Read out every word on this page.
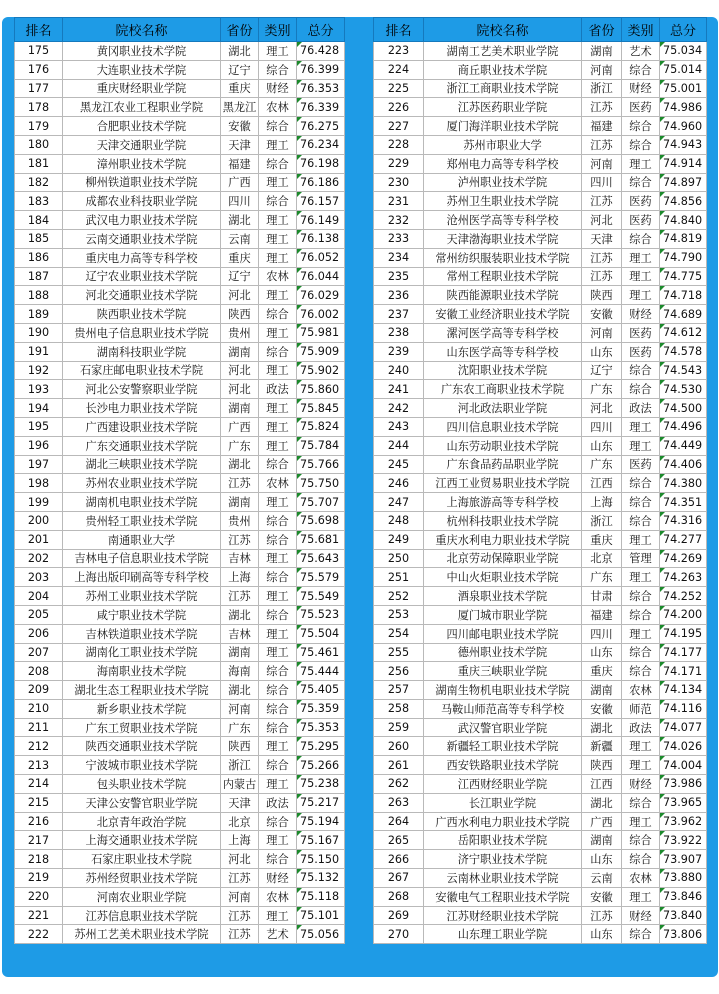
排名	院校名称	省份	类别	总分
175	黄冈职业技术学院	湖北	理工	76.428
176	大连职业技术学院	辽宁	综合	76.399
177	重庆财经职业学院	重庆	财经	76.353
178	黑龙江农业工程职业学院	黑龙江	农林	76.339
179	合肥职业技术学院	安徽	综合	76.275
180	天津交通职业学院	天津	理工	76.234
181	漳州职业技术学院	福建	综合	76.198
182	柳州铁道职业技术学院	广西	理工	76.186
183	成都农业科技职业学院	四川	综合	76.157
184	武汉电力职业技术学院	湖北	理工	76.149
185	云南交通职业技术学院	云南	理工	76.138
186	重庆电力高等专科学校	重庆	理工	76.052
187	辽宁农业职业技术学院	辽宁	农林	76.044
188	河北交通职业技术学院	河北	理工	76.029
189	陕西职业技术学院	陕西	综合	76.002
190	贵州电子信息职业技术学院	贵州	理工	75.981
191	湖南科技职业学院	湖南	综合	75.909
192	石家庄邮电职业技术学院	河北	理工	75.902
193	河北公安警察职业学院	河北	政法	75.860
194	长沙电力职业技术学院	湖南	理工	75.845
195	广西建设职业技术学院	广西	理工	75.824
196	广东交通职业技术学院	广东	理工	75.784
197	湖北三峡职业技术学院	湖北	综合	75.766
198	苏州农业职业技术学院	江苏	农林	75.750
199	湖南机电职业技术学院	湖南	理工	75.707
200	贵州轻工职业技术学院	贵州	综合	75.698
201	南通职业大学	江苏	综合	75.681
202	吉林电子信息职业技术学院	吉林	理工	75.643
203	上海出版印刷高等专科学校	上海	综合	75.579
204	苏州工业职业技术学院	江苏	理工	75.549
205	咸宁职业技术学院	湖北	综合	75.523
206	吉林铁道职业技术学院	吉林	理工	75.504
207	湖南化工职业技术学院	湖南	理工	75.461
208	海南职业技术学院	海南	综合	75.444
209	湖北生态工程职业技术学院	湖北	综合	75.405
210	新乡职业技术学院	河南	综合	75.359
211	广东工贸职业技术学院	广东	综合	75.353
212	陕西交通职业技术学院	陕西	理工	75.295
213	宁波城市职业技术学院	浙江	综合	75.266
214	包头职业技术学院	内蒙古	理工	75.238
215	天津公安警官职业学院	天津	政法	75.217
216	北京青年政治学院	北京	综合	75.194
217	上海交通职业技术学院	上海	理工	75.167
218	石家庄职业技术学院	河北	综合	75.150
219	苏州经贸职业技术学院	江苏	财经	75.132
220	河南农业职业学院	河南	农林	75.118
221	江苏信息职业技术学院	江苏	理工	75.101
222	苏州工艺美术职业技术学院	江苏	艺术	75.056
排名	院校名称	省份	类别	总分
223	湖南工艺美术职业学院	湖南	艺术	75.034
224	商丘职业技术学院	河南	综合	75.014
225	浙江工商职业技术学院	浙江	财经	75.001
226	江苏医药职业学院	江苏	医药	74.986
227	厦门海洋职业技术学院	福建	综合	74.960
228	苏州市职业大学	江苏	综合	74.943
229	郑州电力高等专科学校	河南	理工	74.914
230	泸州职业技术学院	四川	综合	74.897
231	苏州卫生职业技术学院	江苏	医药	74.856
232	沧州医学高等专科学校	河北	医药	74.840
233	天津渤海职业技术学院	天津	综合	74.819
234	常州纺织服装职业技术学院	江苏	理工	74.790
235	常州工程职业技术学院	江苏	理工	74.775
236	陕西能源职业技术学院	陕西	理工	74.718
237	安徽工业经济职业技术学院	安徽	财经	74.689
238	漯河医学高等专科学校	河南	医药	74.612
239	山东医学高等专科学校	山东	医药	74.578
240	沈阳职业技术学院	辽宁	综合	74.543
241	广东农工商职业技术学院	广东	综合	74.530
242	河北政法职业学院	河北	政法	74.500
243	四川信息职业技术学院	四川	理工	74.496
244	山东劳动职业技术学院	山东	理工	74.449
245	广东食品药品职业学院	广东	医药	74.406
246	江西工业贸易职业技术学院	江西	综合	74.380
247	上海旅游高等专科学校	上海	综合	74.351
248	杭州科技职业技术学院	浙江	综合	74.316
249	重庆水利电力职业技术学院	重庆	理工	74.277
250	北京劳动保障职业学院	北京	管理	74.269
251	中山火炬职业技术学院	广东	理工	74.263
252	酒泉职业技术学院	甘肃	综合	74.252
253	厦门城市职业学院	福建	综合	74.200
254	四川邮电职业技术学院	四川	理工	74.195
255	德州职业技术学院	山东	综合	74.177
256	重庆三峡职业学院	重庆	综合	74.171
257	湖南生物机电职业技术学院	湖南	农林	74.134
258	马鞍山师范高等专科学校	安徽	师范	74.116
259	武汉警官职业学院	湖北	政法	74.077
260	新疆轻工职业技术学院	新疆	理工	74.026
261	西安铁路职业技术学院	陕西	理工	74.004
262	江西财经职业学院	江西	财经	73.986
263	长江职业学院	湖北	综合	73.965
264	广西水利电力职业技术学院	广西	理工	73.962
265	岳阳职业技术学院	湖南	综合	73.922
266	济宁职业技术学院	山东	综合	73.907
267	云南林业职业技术学院	云南	农林	73.880
268	安徽电气工程职业技术学院	安徽	理工	73.846
269	江苏财经职业技术学院	江苏	财经	73.840
270	山东理工职业学院	山东	综合	73.806
